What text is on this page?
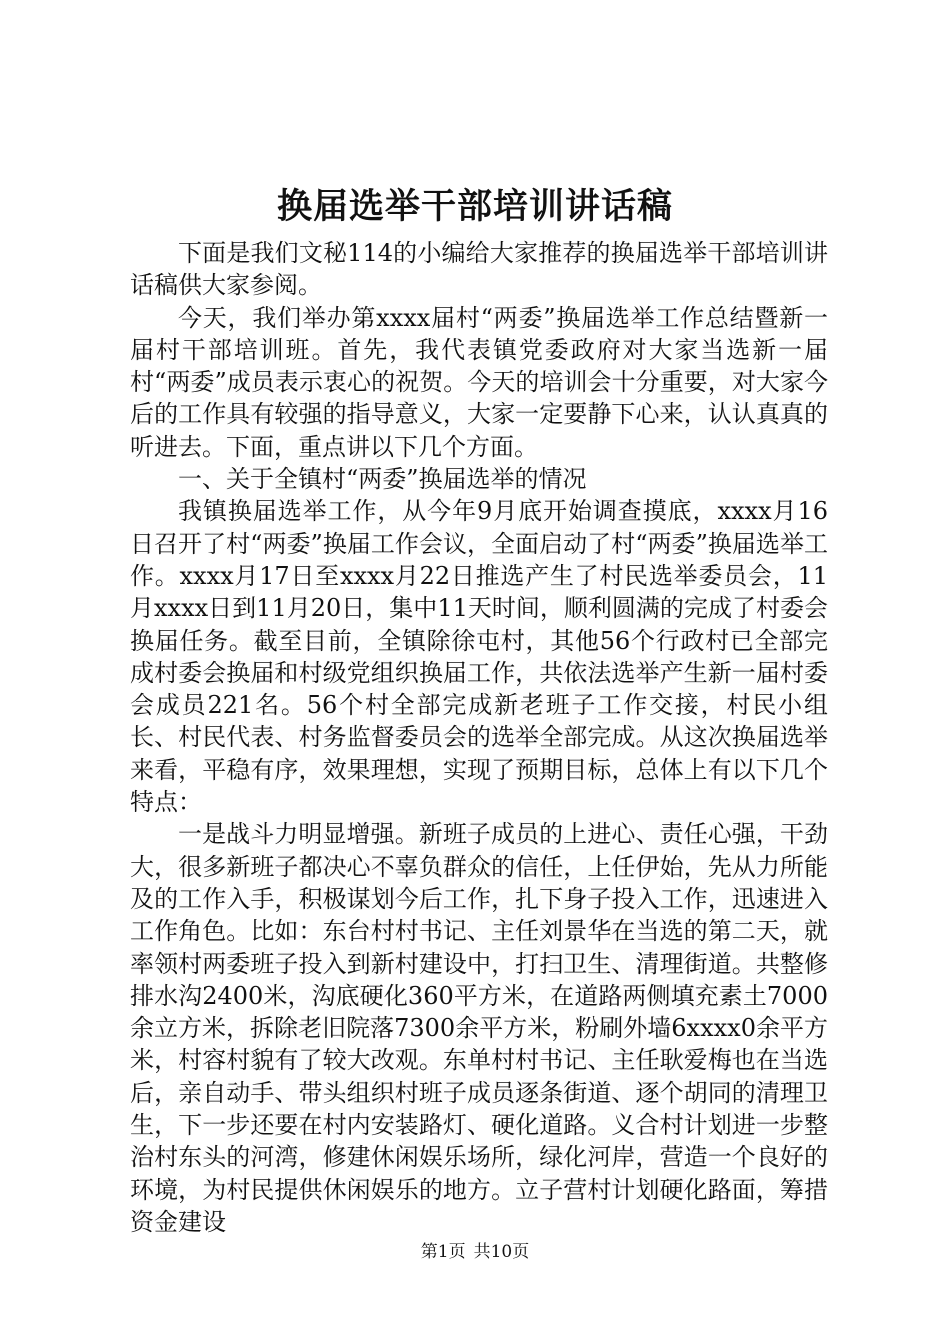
换届选举干部培训讲话稿

下面是我们文秘114的小编给大家推荐的换届选举干部培训讲话稿供大家参阅。

今天，我们举办第xxxx届村“两委”换届选举工作总结暨新一届村干部培训班。首先，我代表镇党委政府对大家当选新一届村“两委”成员表示衷心的祝贺。今天的培训会十分重要，对大家今后的工作具有较强的指导意义，大家一定要静下心来，认认真真的听进去。下面，重点讲以下几个方面。

一、关于全镇村“两委”换届选举的情况

我镇换届选举工作，从今年9月底开始调查摸底，xxxx月16日召开了村“两委”换届工作会议，全面启动了村“两委”换届选举工作。xxxx月17日至xxxx月22日推选产生了村民选举委员会，11月xxxx日到11月20日，集中11天时间，顺利圆满的完成了村委会换届任务。截至目前，全镇除徐屯村，其他56个行政村已全部完成村委会换届和村级党组织换届工作，共依法选举产生新一届村委会成员221名。56个村全部完成新老班子工作交接，村民小组长、村民代表、村务监督委员会的选举全部完成。从这次换届选举来看，平稳有序，效果理想，实现了预期目标，总体上有以下几个特点：

一是战斗力明显增强。新班子成员的上进心、责任心强，干劲大，很多新班子都决心不辜负群众的信任，上任伊始，先从力所能及的工作入手，积极谋划今后工作，扎下身子投入工作，迅速进入工作角色。比如：东台村村书记、主任刘景华在当选的第二天，就率领村两委班子投入到新村建设中，打扫卫生、清理街道。共整修排水沟2400米，沟底硬化360平方米，在道路两侧填充素土7000余立方米，拆除老旧院落7300余平方米，粉刷外墙6xxxx0余平方米，村容村貌有了较大改观。东单村村书记、主任耿爱梅也在当选后，亲自动手、带头组织村班子成员逐条街道、逐个胡同的清理卫生，下一步还要在村内安装路灯、硬化道路。义合村计划进一步整治村东头的河湾，修建休闲娱乐场所，绿化河岸，营造一个良好的环境，为村民提供休闲娱乐的地方。立子营村计划硬化路面，筹措资金建设

第1页 共10页
